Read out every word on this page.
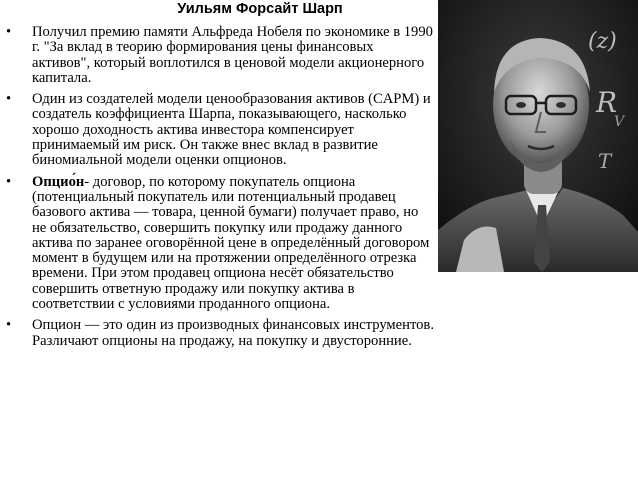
Уильям Форсайт Шарп
•	Получил премию памяти Альфреда Нобеля по экономике в 1990 г. "За вклад в теорию формирования цены финансовых активов", который воплотился в ценовой модели акционерного капитала.
•	Один из создателей модели ценообразования активов (CAPM) и создатель коэффициента Шарпа, показывающего, насколько хорошо доходность актива инвестора компенсирует принимаемый им риск. Он также внес вклад в развитие биномиальной модели оценки опционов.
•	Опцио́н- договор, по которому покупатель опциона (потенциальный покупатель или потенциальный продавец базового актива — товара, ценной бумаги) получает право, но не обязательство, совершить покупку или продажу данного актива по заранее оговорённой цене в определённый договором момент в будущем или на протяжении определённого отрезка времени. При этом продавец опциона несёт обязательство совершить ответную продажу или покупку актива в соответствии с условиями проданного опциона.
•	Опцион — это один из производных финансовых инструментов. Различают опционы на продажу, на покупку и двусторонние.
(z)
R
V
T
